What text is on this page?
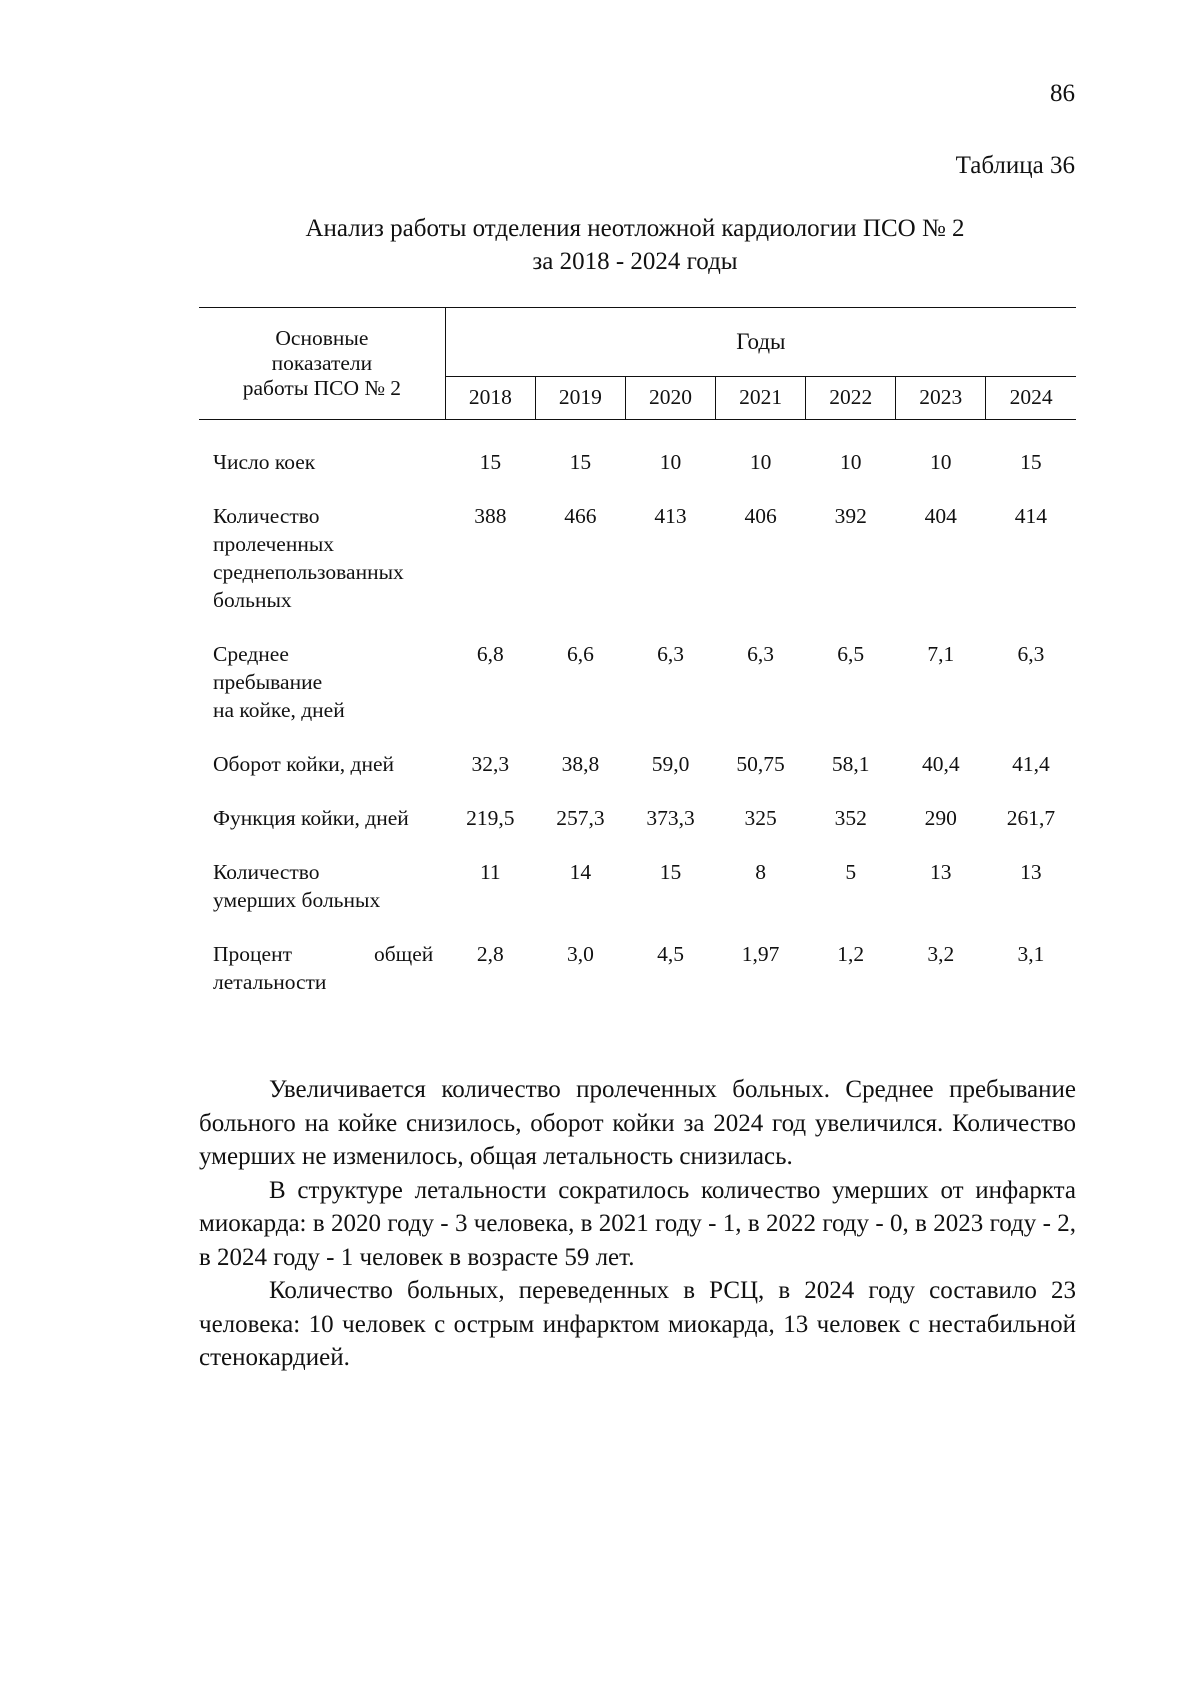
86
Таблица 36
Анализ работы отделения неотложной кардиологии ПСО № 2
за 2018 - 2024 годы
Основные
показатели
работы ПСО № 2	Годы						
	2018	2019	2020	2021	2022	2023	2024

Число коек	15	15	10	10	10	10	15

Количество
пролеченных
среднепользованных
больных	388	466	413	406	392	404	414

Среднее
пребывание
на койке, дней	6,8	6,6	6,3	6,3	6,5	7,1	6,3

Оборот койки, дней	32,3	38,8	59,0	50,75	58,1	40,4	41,4

Функция койки, дней	219,5	257,3	373,3	325	352	290	261,7

Количество
умерших больных	11	14	15	8	5	13	13

Процент общей летальности	2,8	3,0	4,5	1,97	1,2	3,2	3,1

Увеличивается количество пролеченных больных. Среднее пребывание больного на койке снизилось, оборот койки за 2024 год увеличился. Количество умерших не изменилось, общая летальность снизилась.

В структуре летальности сократилось количество умерших от инфаркта миокарда: в 2020 году - 3 человека, в 2021 году - 1, в 2022 году - 0, в 2023 году - 2, в 2024 году - 1 человек в возрасте 59 лет.

Количество больных, переведенных в РСЦ, в 2024 году составило 23 человека: 10 человек с острым инфарктом миокарда, 13 человек с нестабильной стенокардией.
